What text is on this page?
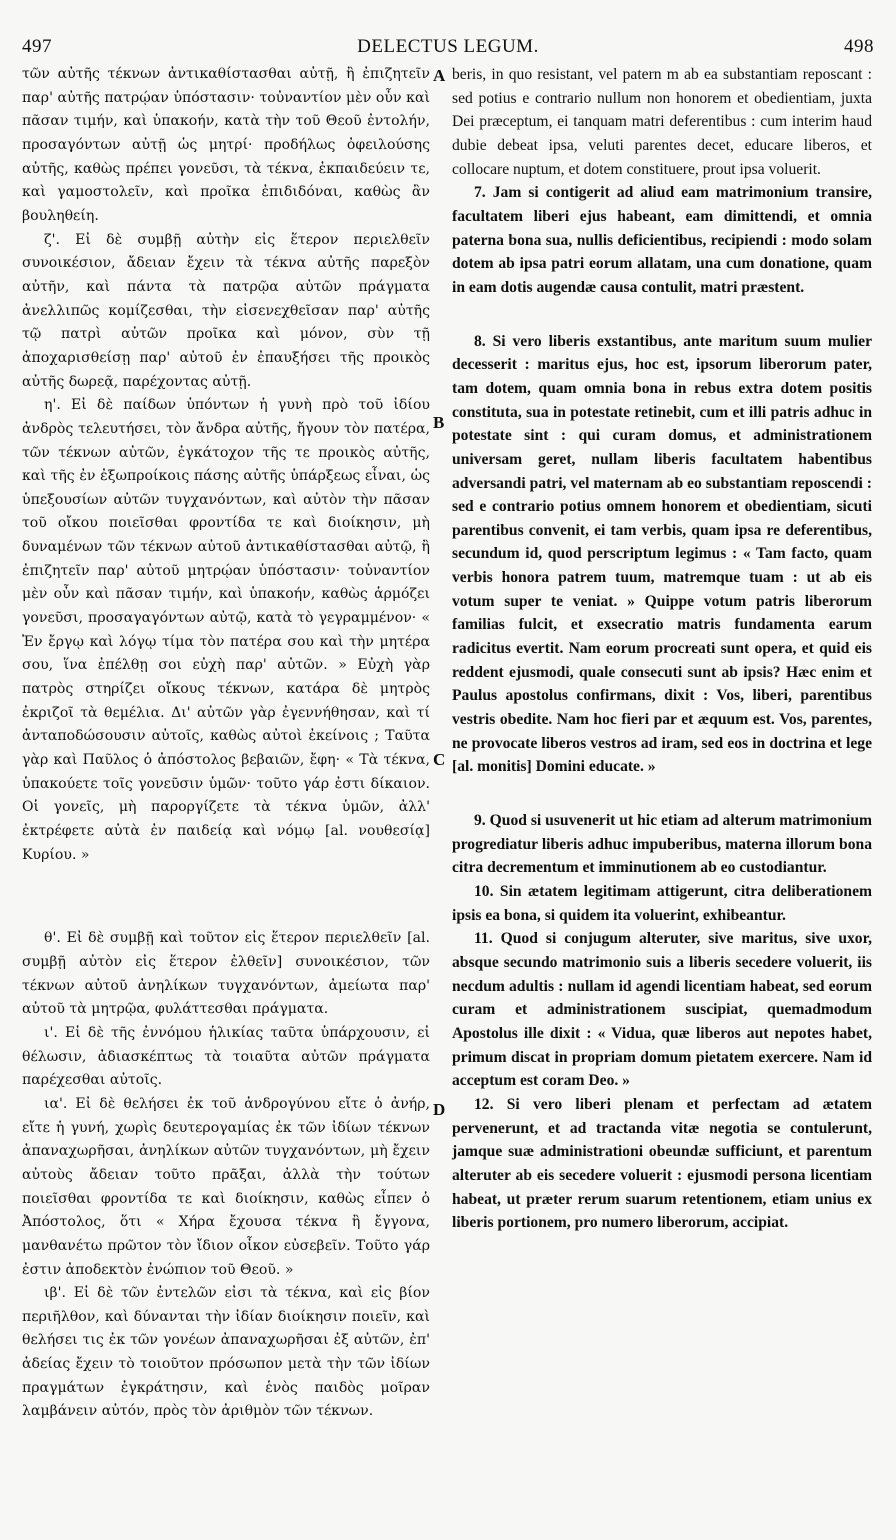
497	DELECTUS LEGUM.	498
A
B
C
D

τῶν αὐτῆς τέκνων ἀντικαθίστασθαι αὐτῇ, ἢ ἐπιζητεῖν παρ' αὐτῆς πατρῴαν ὑπόστασιν· τοὐναντίον μὲν οὖν καὶ πᾶσαν τιμήν, καὶ ὑπακοήν, κατὰ τὴν τοῦ Θεοῦ ἐντολήν, προσαγόντων αὐτῇ ὡς μητρί· προδήλως ὀφειλούσης αὐτῆς, καθὼς πρέπει γονεῦσι, τὰ τέκνα, ἐκπαιδεύειν τε, καὶ γαμοστολεῖν, καὶ προῖκα ἐπιδιδόναι, καθὼς ἂν βουληθείη.

ζ'. Εἰ δὲ συμβῇ αὐτὴν εἰς ἕτερον περιελθεῖν συνοικέσιον, ἄδειαν ἔχειν τὰ τέκνα αὐτῆς παρεξὸν αὐτῆν, καὶ πάντα τὰ πατρῷα αὐτῶν πράγματα ἀνελλιπῶς κομίζεσθαι, τὴν εἰσενεχθεῖσαν παρ' αὐτῆς τῷ πατρὶ αὐτῶν προῖκα καὶ μόνον, σὺν τῇ ἀποχαρισθείσῃ παρ' αὐτοῦ ἐν ἐπαυξήσει τῆς προικὸς αὐτῆς δωρεᾷ, παρέχοντας αὐτῇ.

η'. Εἰ δὲ παίδων ὑπόντων ἡ γυνὴ πρὸ τοῦ ἰδίου ἀνδρὸς τελευτήσει, τὸν ἄνδρα αὐτῆς, ἤγουν τὸν πατέρα, τῶν τέκνων αὐτῶν, ἐγκάτοχον τῆς τε προικὸς αὐτῆς, καὶ τῆς ἐν ἐξωπροίκοις πάσης αὐτῆς ὑπάρξεως εἶναι, ὡς ὑπεξουσίων αὐτῶν τυγχανόντων, καὶ αὐτὸν τὴν πᾶσαν τοῦ οἴκου ποιεῖσθαι φροντίδα τε καὶ διοίκησιν, μὴ δυναμένων τῶν τέκνων αὐτοῦ ἀντικαθίστασθαι αὐτῷ, ἢ ἐπιζητεῖν παρ' αὐτοῦ μητρῴαν ὑπόστασιν· τοὐναντίον μὲν οὖν καὶ πᾶσαν τιμήν, καὶ ὑπακοήν, καθὼς ἁρμόζει γονεῦσι, προσαγαγόντων αὐτῷ, κατὰ τὸ γεγραμμένον· « Ἐν ἔργῳ καὶ λόγῳ τίμα τὸν πατέρα σου καὶ τὴν μητέρα σου, ἵνα ἐπέλθῃ σοι εὐχὴ παρ' αὐτῶν. » Εὐχὴ γὰρ πατρὸς στηρίζει οἴκους τέκνων, κατάρα δὲ μητρὸς ἐκριζοῖ τὰ θεμέλια. Δι' αὐτῶν γὰρ ἐγεννήθησαν, καὶ τί ἀνταποδώσουσιν αὐτοῖς, καθὼς αὐτοὶ ἐκείνοις ; Ταῦτα γὰρ καὶ Παῦλος ὁ ἀπόστολος βεβαιῶν, ἔφη· « Τὰ τέκνα, ὑπακούετε τοῖς γονεῦσιν ὑμῶν· τοῦτο γάρ ἐστι δίκαιον. Οἱ γονεῖς, μὴ παροργίζετε τὰ τέκνα ὑμῶν, ἀλλ' ἐκτρέφετε αὐτὰ ἐν παιδείᾳ καὶ νόμῳ [al. νουθεσίᾳ] Κυρίου. »

θ'. Εἰ δὲ συμβῇ καὶ τοῦτον εἰς ἕτερον περιελθεῖν [al. συμβῇ αὐτὸν εἰς ἕτερον ἐλθεῖν] συνοικέσιον, τῶν τέκνων αὐτοῦ ἀνηλίκων τυγχανόντων, ἀμείωτα παρ' αὐτοῦ τὰ μητρῷα, φυλάττεσθαι πράγματα.

ι'. Εἰ δὲ τῆς ἐννόμου ἡλικίας ταῦτα ὑπάρχουσιν, εἰ θέλωσιν, ἀδιασκέπτως τὰ τοιαῦτα αὐτῶν πράγματα παρέχεσθαι αὐτοῖς.

ια'. Εἰ δὲ θελήσει ἐκ τοῦ ἀνδρογύνου εἴτε ὁ ἀνήρ, εἴτε ἡ γυνή, χωρὶς δευτερογαμίας ἐκ τῶν ἰδίων τέκνων ἀπαναχωρῆσαι, ἀνηλίκων αὐτῶν τυγχανόντων, μὴ ἔχειν αὐτοὺς ἄδειαν τοῦτο πρᾶξαι, ἀλλὰ τὴν τούτων ποιεῖσθαι φροντίδα τε καὶ διοίκησιν, καθὼς εἶπεν ὁ Ἀπόστολος, ὅτι « Χήρα ἔχουσα τέκνα ἢ ἔγγονα, μανθανέτω πρῶτον τὸν ἴδιον οἶκον εὐσεβεῖν. Τοῦτο γάρ ἐστιν ἀποδεκτὸν ἐνώπιον τοῦ Θεοῦ. »

ιβ'. Εἰ δὲ τῶν ἐντελῶν εἰσι τὰ τέκνα, καὶ εἰς βίον περιῆλθον, καὶ δύνανται τὴν ἰδίαν διοίκησιν ποιεῖν, καὶ θελήσει τις ἐκ τῶν γονέων ἀπαναχωρῆσαι ἐξ αὐτῶν, ἐπ' ἀδείας ἔχειν τὸ τοιοῦτον πρόσωπον μετὰ τὴν τῶν ἰδίων πραγμάτων ἐγκράτησιν, καὶ ἑνὸς παιδὸς μοῖραν λαμβάνειν αὐτόν, πρὸς τὸν ἀριθμὸν τῶν τέκνων.

beris, in quo resistant, vel patern m ab ea substantiam reposcant : sed potius e contrario nullum non honorem et obedientiam, juxta Dei præceptum, ei tanquam matri deferentibus : cum interim haud dubie debeat ipsa, veluti parentes decet, educare liberos, et collocare nuptum, et dotem constituere, prout ipsa voluerit.

7. Jam si contigerit ad aliud eam matrimonium transire, facultatem liberi ejus habeant, eam dimittendi, et omnia paterna bona sua, nullis deficientibus, recipiendi : modo solam dotem ab ipsa patri eorum allatam, una cum donatione, quam in eam dotis augendæ causa contulit, matri præstent.

8. Si vero liberis exstantibus, ante maritum suum mulier decesserit : maritus ejus, hoc est, ipsorum liberorum pater, tam dotem, quam omnia bona in rebus extra dotem positis constituta, sua in potestate retinebit, cum et illi patris adhuc in potestate sint : qui curam domus, et administrationem universam geret, nullam liberis facultatem habentibus adversandi patri, vel maternam ab eo substantiam reposcendi : sed e contrario potius omnem honorem et obedientiam, sicuti parentibus convenit, ei tam verbis, quam ipsa re deferentibus, secundum id, quod perscriptum legimus : « Tam facto, quam verbis honora patrem tuum, matremque tuam : ut ab eis votum super te veniat. » Quippe votum patris liberorum familias fulcit, et exsecratio matris fundamenta earum radicitus evertit. Nam eorum procreati sunt opera, et quid eis reddent ejusmodi, quale consecuti sunt ab ipsis? Hæc enim et Paulus apostolus confirmans, dixit : Vos, liberi, parentibus vestris obedite. Nam hoc fieri par et æquum est. Vos, parentes, ne provocate liberos vestros ad iram, sed eos in doctrina et lege [al. monitis] Domini educate. »

9. Quod si usuvenerit ut hic etiam ad alterum matrimonium progrediatur liberis adhuc impuberibus, materna illorum bona citra decrementum et imminutionem ab eo custodiantur.

10. Sin ætatem legitimam attigerunt, citra deliberationem ipsis ea bona, si quidem ita voluerint, exhibeantur.

11. Quod si conjugum alteruter, sive maritus, sive uxor, absque secundo matrimonio suis a liberis secedere voluerit, iis necdum adultis : nullam id agendi licentiam habeat, sed eorum curam et administrationem suscipiat, quemadmodum Apostolus ille dixit : « Vidua, quæ liberos aut nepotes habet, primum discat in propriam domum pietatem exercere. Nam id acceptum est coram Deo. »

12. Si vero liberi plenam et perfectam ad ætatem pervenerunt, et ad tractanda vitæ negotia se contulerunt, jamque suæ administrationi obeundæ sufficiunt, et parentum alteruter ab eis secedere voluerit : ejusmodi persona licentiam habeat, ut præter rerum suarum retentionem, etiam unius ex liberis portionem, pro numero liberorum, accipiat.
